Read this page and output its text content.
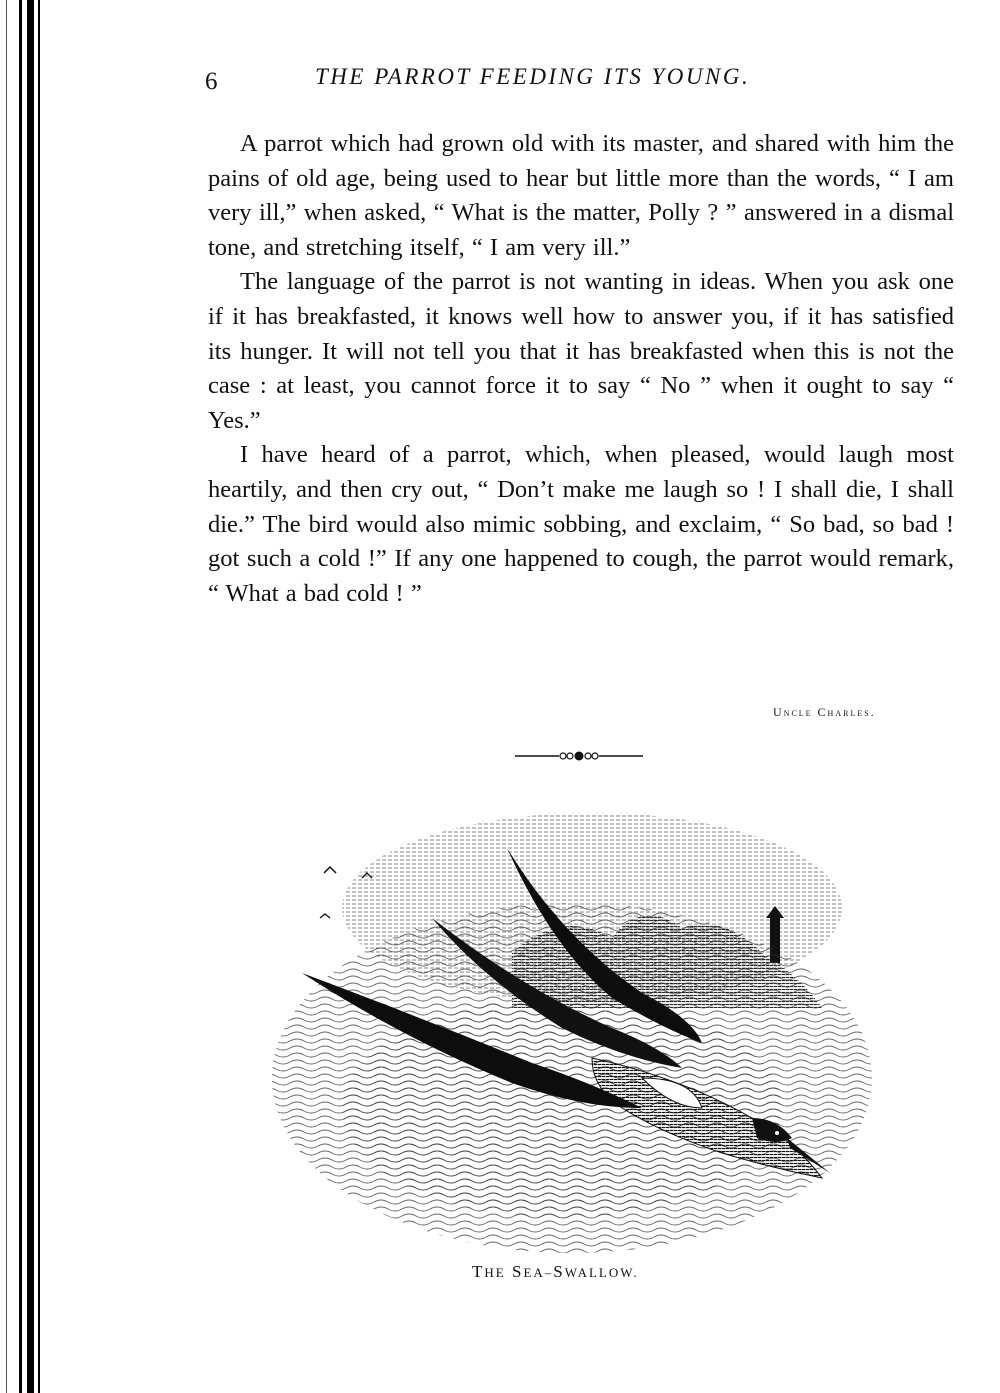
6	THE PARROT FEEDING ITS YOUNG.

A parrot which had grown old with its master, and shared with him the pains of old age, being used to hear but little more than the words, “ I am very ill,” when asked, “ What is the matter, Polly ? ” answered in a dismal tone, and stretching itself, “ I am very ill.”

The language of the parrot is not wanting in ideas. When you ask one if it has breakfasted, it knows well how to answer you, if it has satisfied its hunger. It will not tell you that it has breakfasted when this is not the case : at least, you cannot force it to say “ No ” when it ought to say “ Yes.”

I have heard of a parrot, which, when pleased, would laugh most heartily, and then cry out, “ Don’t make me laugh so ! I shall die, I shall die.” The bird would also mimic sobbing, and exclaim, “ So bad, so bad ! got such a cold !” If any one happened to cough, the parrot would remark, “ What a bad cold ! ”

Uncle Charles.
THE SEA–SWALLOW.
